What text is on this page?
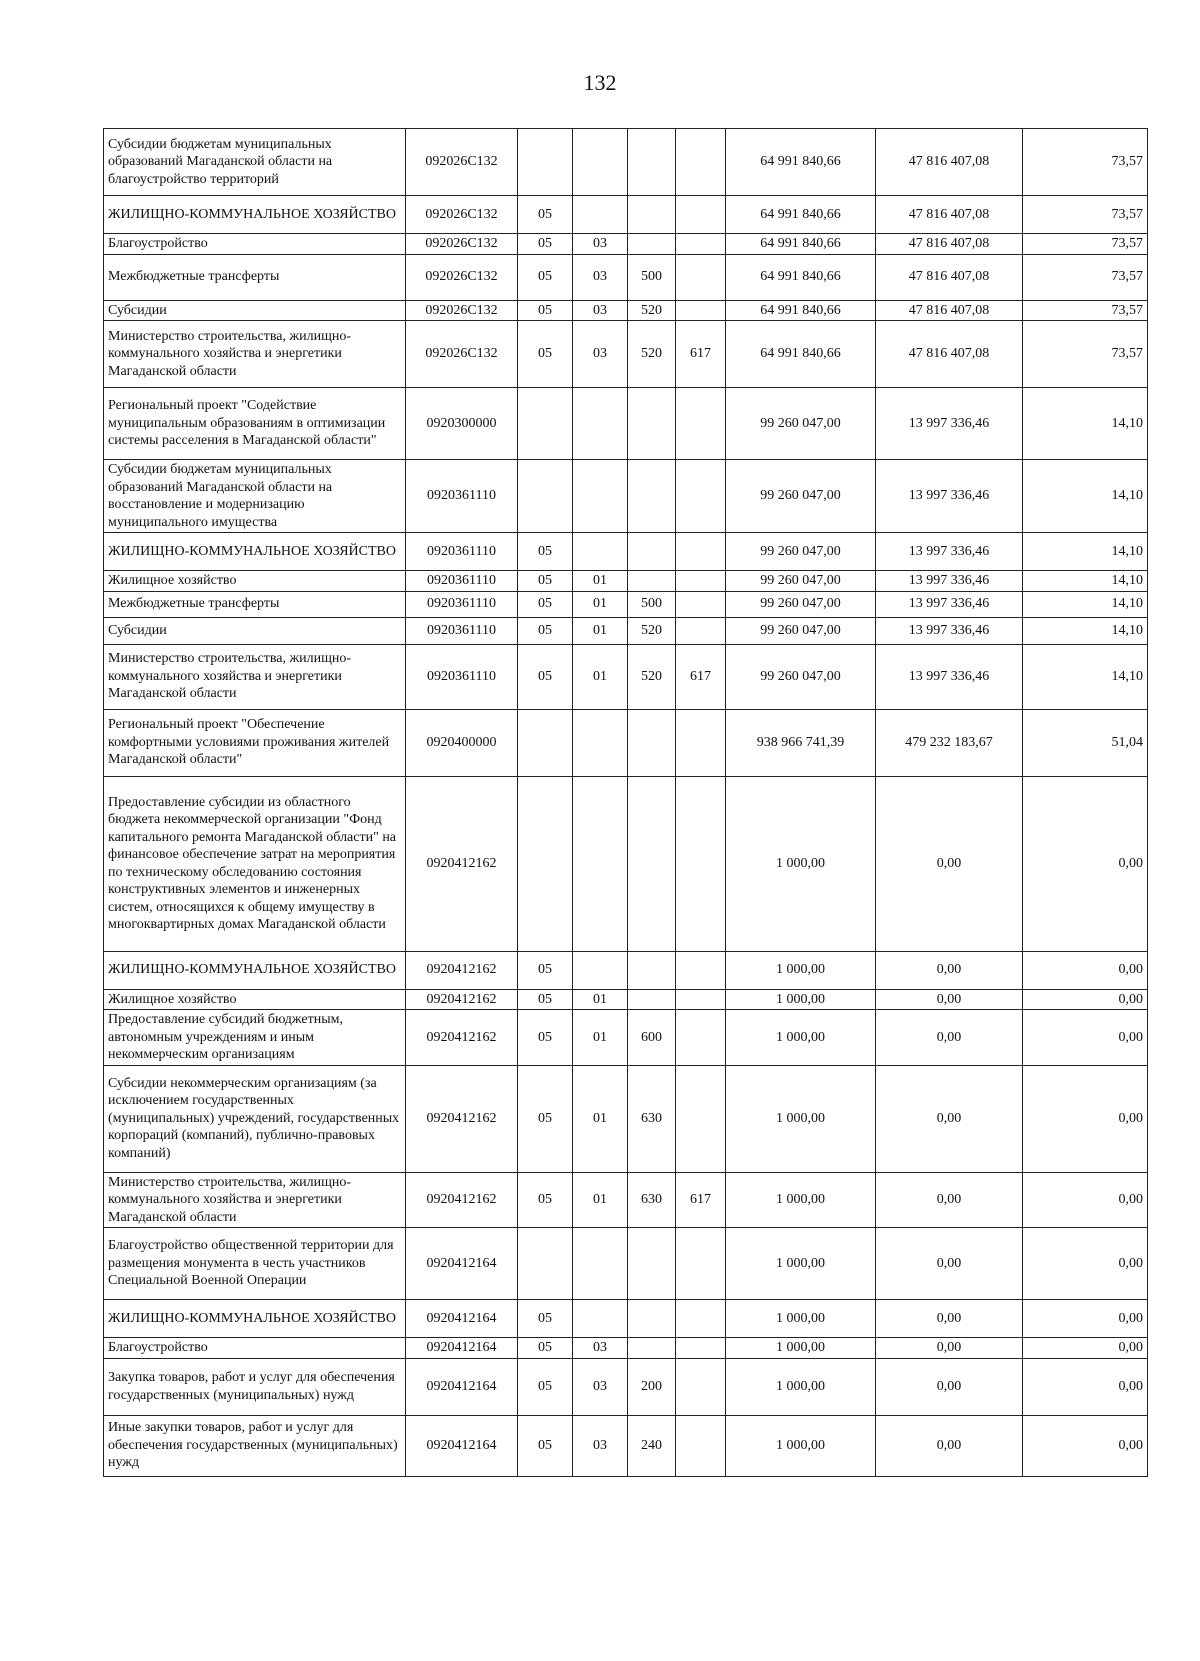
132
Субсидии бюджетам муниципальных образований Магаданской области на благоустройство территорий	092026С132					64 991 840,66	47 816 407,08	73,57
ЖИЛИЩНО-КОММУНАЛЬНОЕ ХОЗЯЙСТВО	092026С132	05				64 991 840,66	47 816 407,08	73,57
Благоустройство	092026С132	05	03			64 991 840,66	47 816 407,08	73,57
Межбюджетные трансферты	092026С132	05	03	500		64 991 840,66	47 816 407,08	73,57
Субсидии	092026С132	05	03	520		64 991 840,66	47 816 407,08	73,57
Министерство строительства, жилищно-коммунального хозяйства и энергетики Магаданской области	092026С132	05	03	520	617	64 991 840,66	47 816 407,08	73,57
Региональный проект "Содействие муниципальным образованиям в оптимизации системы расселения в Магаданской области"	0920300000					99 260 047,00	13 997 336,46	14,10
Субсидии бюджетам муниципальных образований Магаданской области на восстановление и модернизацию муниципального имущества	0920361110					99 260 047,00	13 997 336,46	14,10
ЖИЛИЩНО-КОММУНАЛЬНОЕ ХОЗЯЙСТВО	0920361110	05				99 260 047,00	13 997 336,46	14,10
Жилищное хозяйство	0920361110	05	01			99 260 047,00	13 997 336,46	14,10
Межбюджетные трансферты	0920361110	05	01	500		99 260 047,00	13 997 336,46	14,10
Субсидии	0920361110	05	01	520		99 260 047,00	13 997 336,46	14,10
Министерство строительства, жилищно-коммунального хозяйства и энергетики Магаданской области	0920361110	05	01	520	617	99 260 047,00	13 997 336,46	14,10
Региональный проект "Обеспечение комфортными условиями проживания жителей Магаданской области"	0920400000					938 966 741,39	479 232 183,67	51,04
Предоставление субсидии из областного бюджета некоммерческой организации "Фонд капитального ремонта Магаданской области" на финансовое обеспечение затрат на мероприятия по техническому обследованию состояния конструктивных элементов и инженерных систем, относящихся к общему имуществу в многоквартирных домах Магаданской области	0920412162					1 000,00	0,00	0,00
ЖИЛИЩНО-КОММУНАЛЬНОЕ ХОЗЯЙСТВО	0920412162	05				1 000,00	0,00	0,00
Жилищное хозяйство	0920412162	05	01			1 000,00	0,00	0,00
Предоставление субсидий бюджетным, автономным учреждениям и иным некоммерческим организациям	0920412162	05	01	600		1 000,00	0,00	0,00
Субсидии некоммерческим организациям (за исключением государственных (муниципальных) учреждений, государственных корпораций (компаний), публично-правовых компаний)	0920412162	05	01	630		1 000,00	0,00	0,00
Министерство строительства, жилищно-коммунального хозяйства и энергетики Магаданской области	0920412162	05	01	630	617	1 000,00	0,00	0,00
Благоустройство общественной территории для размещения монумента в честь участников Специальной Военной Операции	0920412164					1 000,00	0,00	0,00
ЖИЛИЩНО-КОММУНАЛЬНОЕ ХОЗЯЙСТВО	0920412164	05				1 000,00	0,00	0,00
Благоустройство	0920412164	05	03			1 000,00	0,00	0,00
Закупка товаров, работ и услуг для обеспечения государственных (муниципальных) нужд	0920412164	05	03	200		1 000,00	0,00	0,00
Иные закупки товаров, работ и услуг для обеспечения государственных (муниципальных) нужд	0920412164	05	03	240		1 000,00	0,00	0,00
